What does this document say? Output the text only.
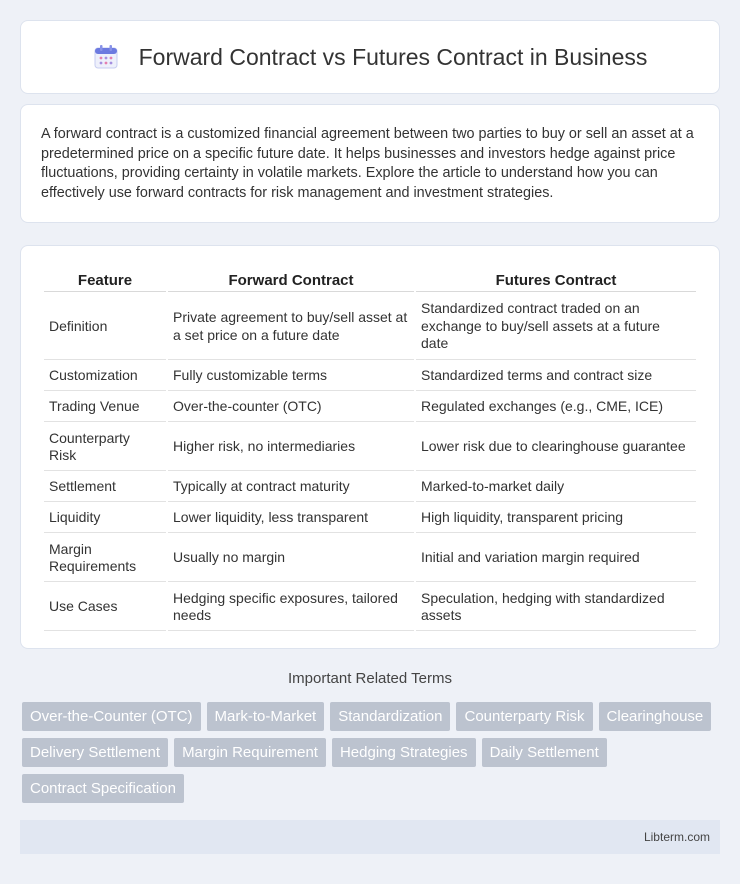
Forward Contract vs Futures Contract in Business

A forward contract is a customized financial agreement between two parties to buy or sell an asset at a predetermined price on a specific future date. It helps businesses and investors hedge against price fluctuations, providing certainty in volatile markets. Explore the article to understand how you can effectively use forward contracts for risk management and investment strategies.

Feature	Forward Contract	Futures Contract
Definition	Private agreement to buy/sell asset at a set price on a future date	Standardized contract traded on an exchange to buy/sell assets at a future date
Customization	Fully customizable terms	Standardized terms and contract size
Trading Venue	Over-the-counter (OTC)	Regulated exchanges (e.g., CME, ICE)
Counterparty Risk	Higher risk, no intermediaries	Lower risk due to clearinghouse guarantee
Settlement	Typically at contract maturity	Marked-to-market daily
Liquidity	Lower liquidity, less transparent	High liquidity, transparent pricing
Margin Requirements	Usually no margin	Initial and variation margin required
Use Cases	Hedging specific exposures, tailored needs	Speculation, hedging with standardized assets
Important Related Terms
Over-the-Counter (OTC)	Mark-to-Market	Standardization	Counterparty Risk	Clearinghouse
Delivery Settlement	Margin Requirement	Hedging Strategies	Daily Settlement
Contract Specification
Libterm.com
